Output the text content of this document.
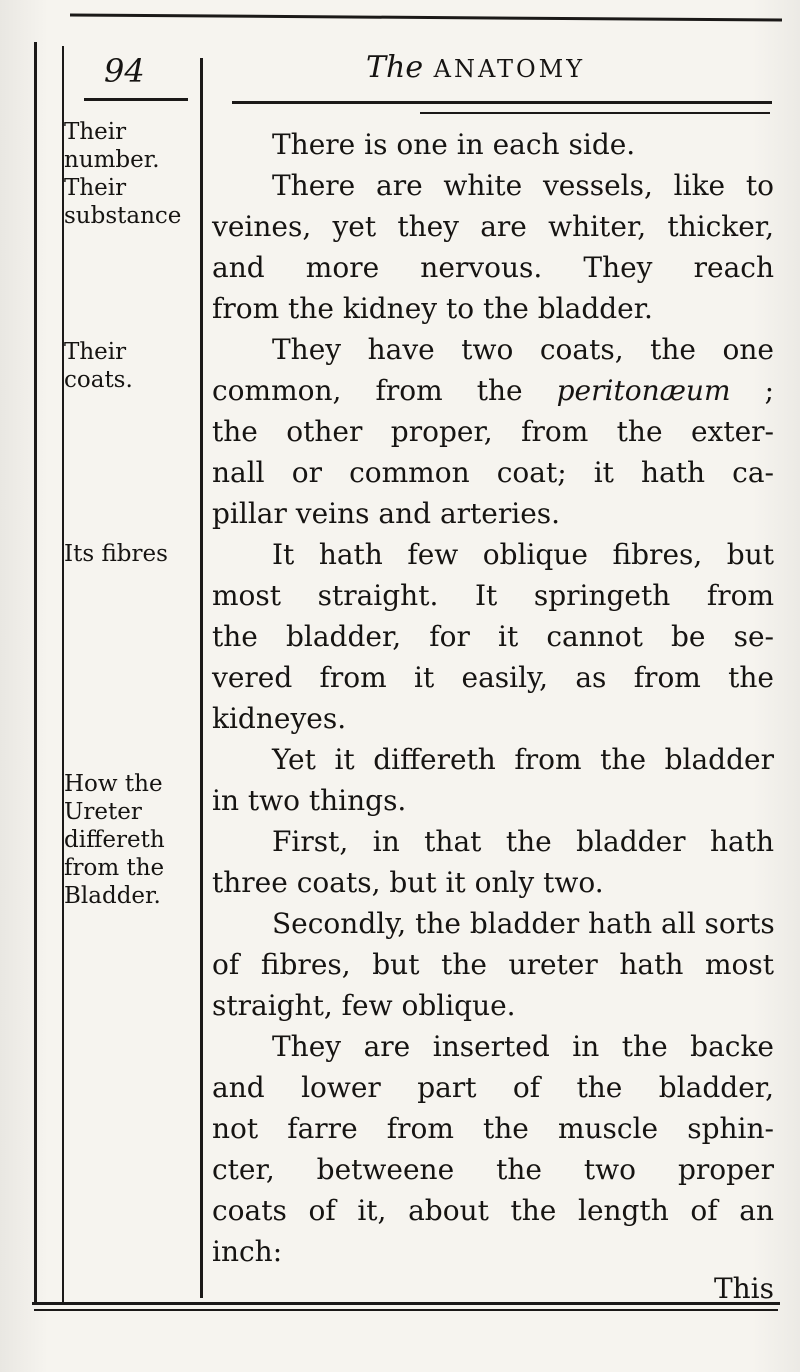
94	The ANATOMY
Their
number.
Their
substance
Their
coats.
Its fibres
How the
Ureter
differeth
from the
Bladder.
There is one in each side.
There are white vessels, like to
veines, yet they are whiter, thicker,
and more nervous. They reach
from the kidney to the bladder.
They have two coats, the one
common, from the peritonæum ;
the other proper, from the exter-
nall or common coat; it hath ca-
pillar veins and arteries.
It hath few oblique fibres, but
most straight. It springeth from
the bladder, for it cannot be se-
vered from it easily, as from the
kidneyes.
Yet it differeth from the bladder
in two things.
First, in that the bladder hath
three coats, but it only two.
Secondly, the bladder hath all sorts
of fibres, but the ureter hath most
straight, few oblique.
They are inserted in the backe
and lower part of the bladder,
not farre from the muscle sphin-
cter, betweene the two proper
coats of it, about the length of an
inch:
This
